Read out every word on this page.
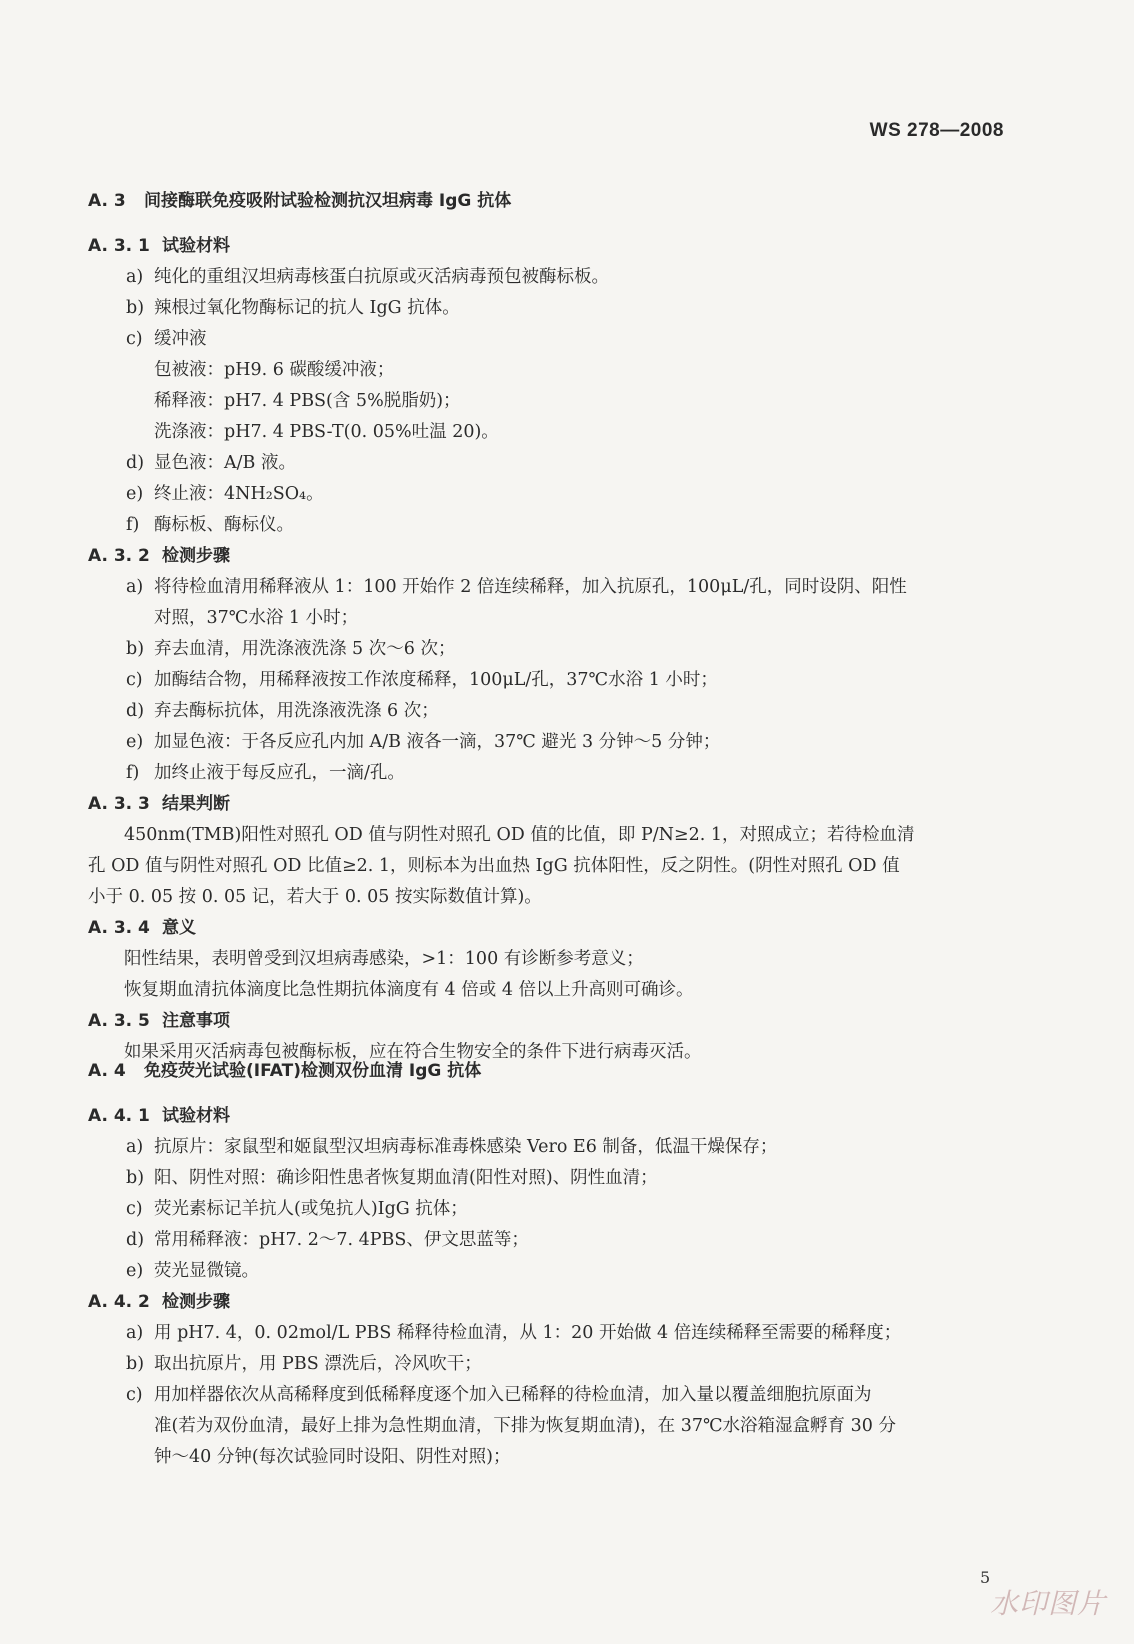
WS 278—2008
A. 3 间接酶联免疫吸附试验检测抗汉坦病毒 IgG 抗体
A. 3. 1 试验材料
a) 纯化的重组汉坦病毒核蛋白抗原或灭活病毒预包被酶标板。
b) 辣根过氧化物酶标记的抗人 IgG 抗体。
c) 缓冲液
包被液：pH9. 6 碳酸缓冲液；
稀释液：pH7. 4 PBS(含 5%脱脂奶)；
洗涤液：pH7. 4 PBS-T(0. 05%吐温 20)。
d) 显色液：A/B 液。
e) 终止液：4NH₂SO₄。
f) 酶标板、酶标仪。
A. 3. 2 检测步骤
a) 将待检血清用稀释液从 1：100 开始作 2 倍连续稀释，加入抗原孔，100μL/孔，同时设阴、阳性
对照，37℃水浴 1 小时；
b) 弃去血清，用洗涤液洗涤 5 次～6 次；
c) 加酶结合物，用稀释液按工作浓度稀释，100μL/孔，37℃水浴 1 小时；
d) 弃去酶标抗体，用洗涤液洗涤 6 次；
e) 加显色液：于各反应孔内加 A/B 液各一滴，37℃ 避光 3 分钟～5 分钟；
f) 加终止液于每反应孔，一滴/孔。
A. 3. 3 结果判断
450nm(TMB)阳性对照孔 OD 值与阴性对照孔 OD 值的比值，即 P/N≥2. 1，对照成立；若待检血清
孔 OD 值与阴性对照孔 OD 比值≥2. 1，则标本为出血热 IgG 抗体阳性，反之阴性。(阴性对照孔 OD 值
小于 0. 05 按 0. 05 记，若大于 0. 05 按实际数值计算)。
A. 3. 4 意义
阳性结果，表明曾受到汉坦病毒感染，>1：100 有诊断参考意义；
恢复期血清抗体滴度比急性期抗体滴度有 4 倍或 4 倍以上升高则可确诊。
A. 3. 5 注意事项
如果采用灭活病毒包被酶标板，应在符合生物安全的条件下进行病毒灭活。
A. 4 免疫荧光试验(IFAT)检测双份血清 IgG 抗体
A. 4. 1 试验材料
a) 抗原片：家鼠型和姬鼠型汉坦病毒标准毒株感染 Vero E6 制备，低温干燥保存；
b) 阳、阴性对照：确诊阳性患者恢复期血清(阳性对照)、阴性血清；
c) 荧光素标记羊抗人(或兔抗人)IgG 抗体；
d) 常用稀释液：pH7. 2～7. 4PBS、伊文思蓝等；
e) 荧光显微镜。
A. 4. 2 检测步骤
a) 用 pH7. 4，0. 02mol/L PBS 稀释待检血清，从 1：20 开始做 4 倍连续稀释至需要的稀释度；
b) 取出抗原片，用 PBS 漂洗后，冷风吹干；
c) 用加样器依次从高稀释度到低稀释度逐个加入已稀释的待检血清，加入量以覆盖细胞抗原面为
准(若为双份血清，最好上排为急性期血清，下排为恢复期血清)，在 37℃水浴箱湿盒孵育 30 分
钟～40 分钟(每次试验同时设阳、阴性对照)；
5
水印图片
